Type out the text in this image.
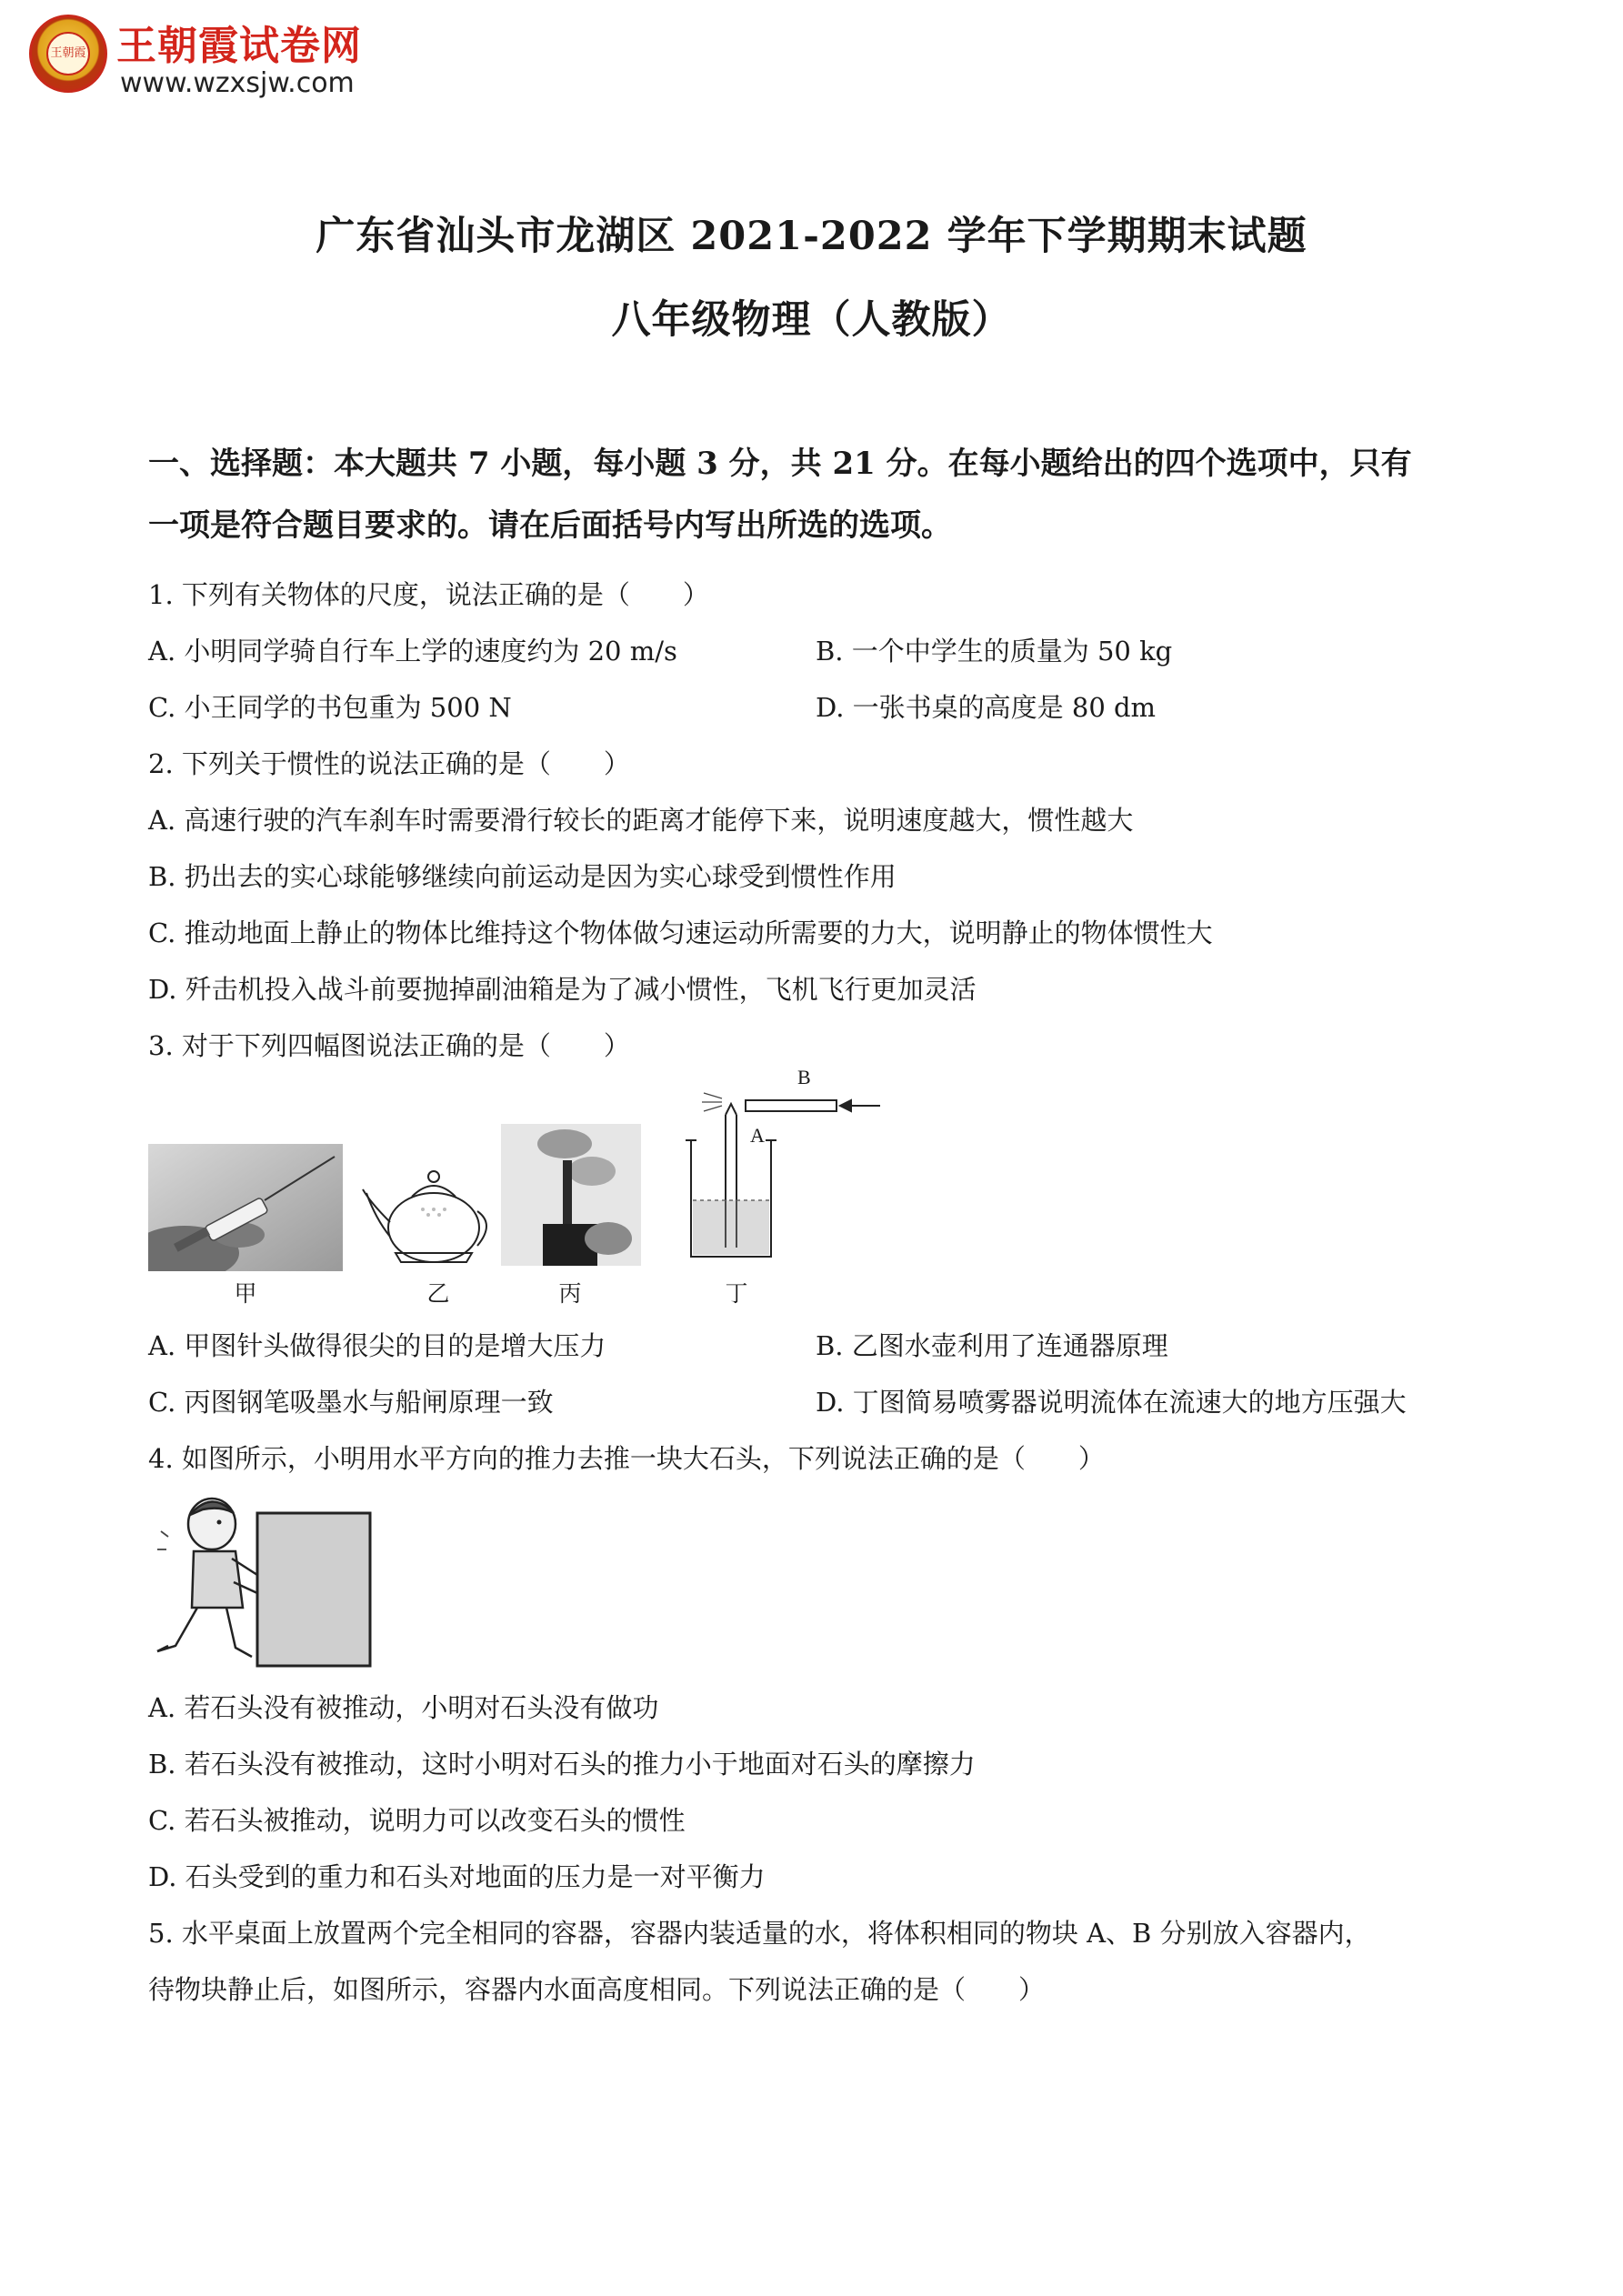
王朝霞 王朝霞试卷网
www.wzxsjw.com
广东省汕头市龙湖区 2021-2022 学年下学期期末试题
八年级物理（人教版）
一、选择题：本大题共 7 小题，每小题 3 分，共 21 分。在每小题给出的四个选项中，只有
一项是符合题目要求的。请在后面括号内写出所选的选项。
1. 下列有关物体的尺度，说法正确的是（　　）
A. 小明同学骑自行车上学的速度约为 20 m/s	B. 一个中学生的质量为 50 kg
C. 小王同学的书包重为 500 N	D. 一张书桌的高度是 80 dm
2. 下列关于惯性的说法正确的是（　　）
A. 高速行驶的汽车刹车时需要滑行较长的距离才能停下来，说明速度越大，惯性越大
B. 扔出去的实心球能够继续向前运动是因为实心球受到惯性作用
C. 推动地面上静止的物体比维持这个物体做匀速运动所需要的力大，说明静止的物体惯性大
D. 歼击机投入战斗前要抛掉副油箱是为了减小惯性，飞机飞行更加灵活
3. 对于下列四幅图说法正确的是（　　）
甲	乙	丙
B
A
丁
A. 甲图针头做得很尖的目的是增大压力	B. 乙图水壶利用了连通器原理
C. 丙图钢笔吸墨水与船闸原理一致	D. 丁图简易喷雾器说明流体在流速大的地方压强大
4. 如图所示，小明用水平方向的推力去推一块大石头，下列说法正确的是（　　）
A. 若石头没有被推动，小明对石头没有做功
B. 若石头没有被推动，这时小明对石头的推力小于地面对石头的摩擦力
C. 若石头被推动，说明力可以改变石头的惯性
D. 石头受到的重力和石头对地面的压力是一对平衡力
5. 水平桌面上放置两个完全相同的容器，容器内装适量的水，将体积相同的物块 A、B 分别放入容器内，
待物块静止后，如图所示，容器内水面高度相同。下列说法正确的是（　　）
